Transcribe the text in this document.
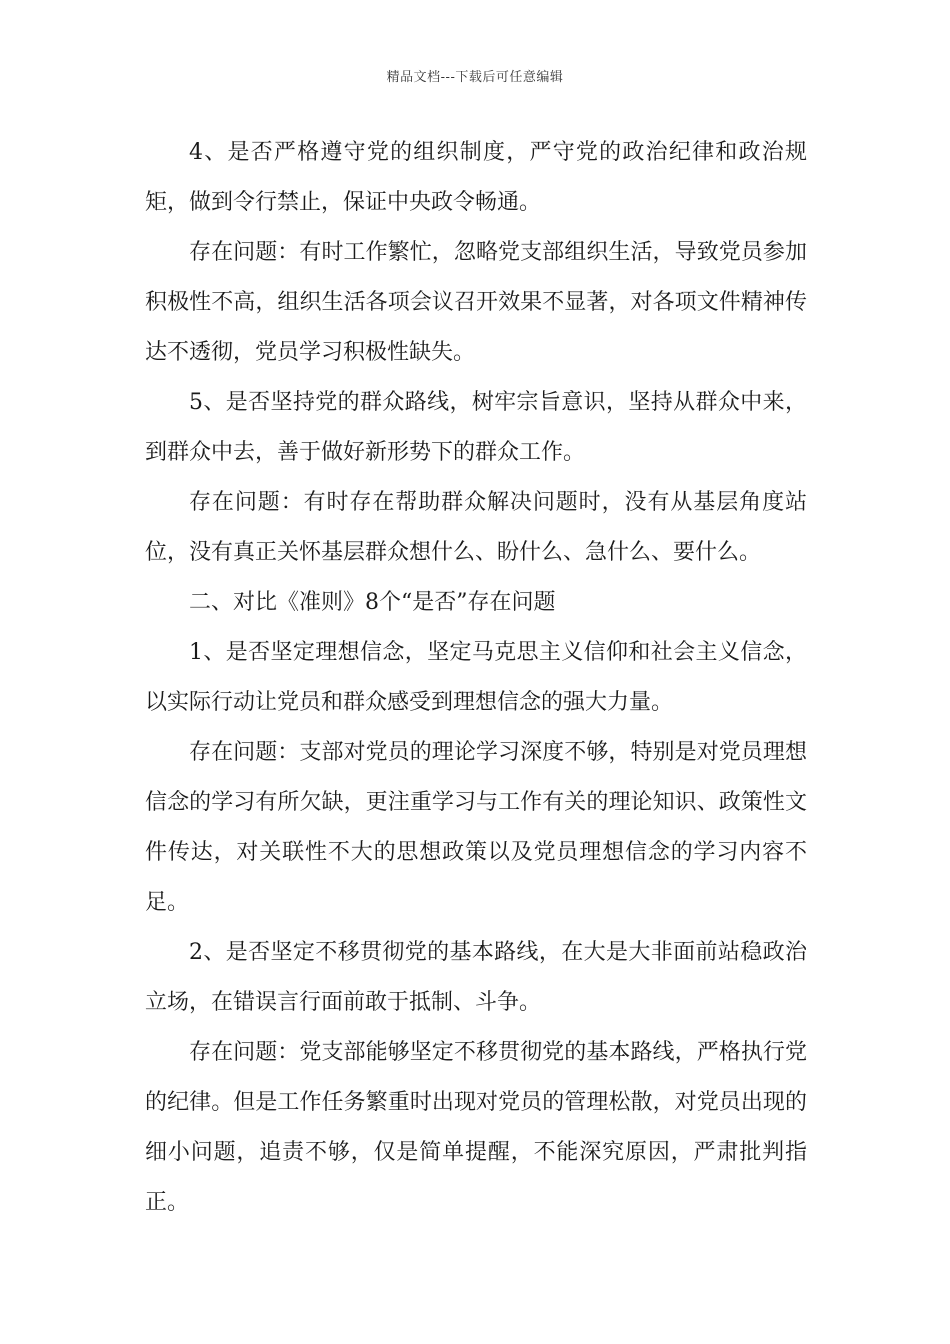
精品文档---下载后可任意编辑

4、是否严格遵守党的组织制度，严守党的政治纪律和政治规矩，做到令行禁止，保证中央政令畅通。

存在问题：有时工作繁忙，忽略党支部组织生活，导致党员参加积极性不高，组织生活各项会议召开效果不显著，对各项文件精神传达不透彻，党员学习积极性缺失。

5、是否坚持党的群众路线，树牢宗旨意识，坚持从群众中来，到群众中去，善于做好新形势下的群众工作。

存在问题：有时存在帮助群众解决问题时，没有从基层角度站位，没有真正关怀基层群众想什么、盼什么、急什么、要什么。

二、对比《准则》8个“是否”存在问题

1、是否坚定理想信念，坚定马克思主义信仰和社会主义信念，以实际行动让党员和群众感受到理想信念的强大力量。

存在问题：支部对党员的理论学习深度不够，特别是对党员理想信念的学习有所欠缺，更注重学习与工作有关的理论知识、政策性文件传达，对关联性不大的思想政策以及党员理想信念的学习内容不足。

2、是否坚定不移贯彻党的基本路线，在大是大非面前站稳政治立场，在错误言行面前敢于抵制、斗争。

存在问题：党支部能够坚定不移贯彻党的基本路线，严格执行党的纪律。但是工作任务繁重时出现对党员的管理松散，对党员出现的细小问题，追责不够，仅是简单提醒，不能深究原因，严肃批判指正。
